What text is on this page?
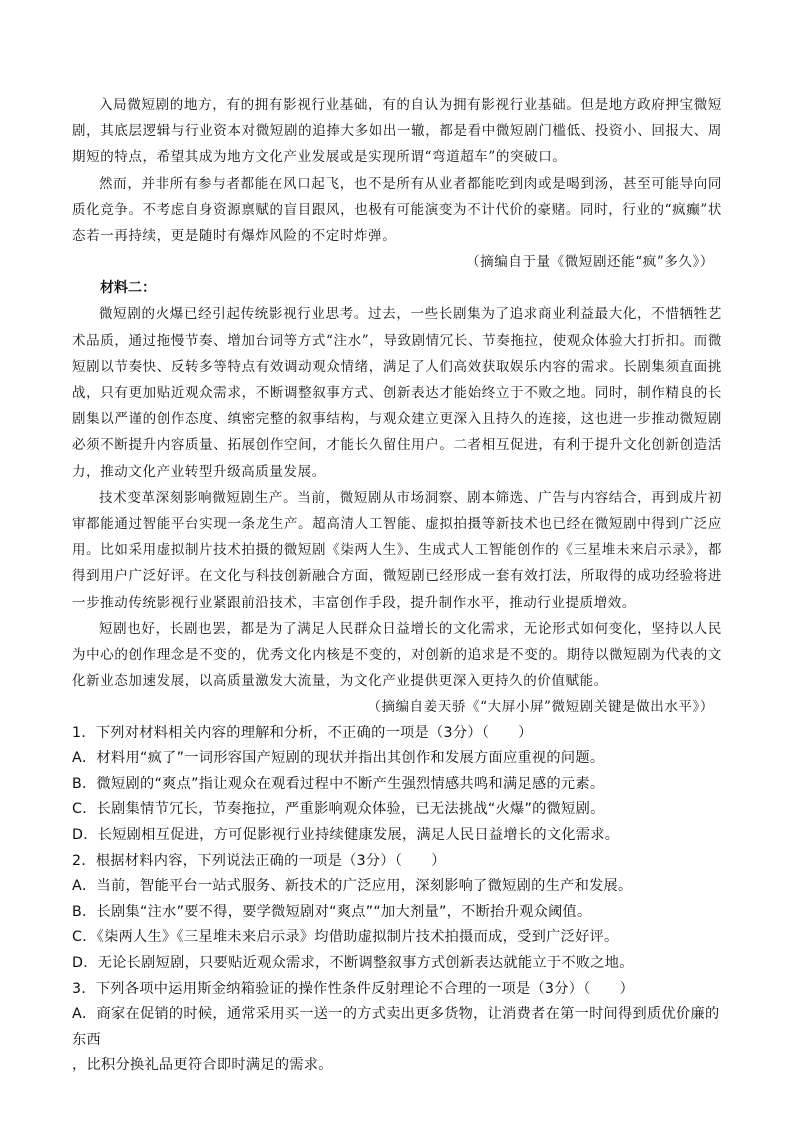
入局微短剧的地方，有的拥有影视行业基础，有的自认为拥有影视行业基础。但是地方政府押宝微短剧，其底层逻辑与行业资本对微短剧的追捧大多如出一辙，都是看中微短剧门槛低、投资小、回报大、周期短的特点，希望其成为地方文化产业发展或是实现所谓“弯道超车”的突破口。

然而，并非所有参与者都能在风口起飞，也不是所有从业者都能吃到肉或是喝到汤，甚至可能导向同质化竞争。不考虑自身资源禀赋的盲目跟风，也极有可能演变为不计代价的豪赌。同时，行业的“疯癫”状态若一再持续，更是随时有爆炸风险的不定时炸弹。

（摘编自于量《微短剧还能“疯”多久》）
材料二：

微短剧的火爆已经引起传统影视行业思考。过去，一些长剧集为了追求商业利益最大化，不惜牺牲艺术品质，通过拖慢节奏、增加台词等方式“注水”，导致剧情冗长、节奏拖拉，使观众体验大打折扣。而微短剧以节奏快、反转多等特点有效调动观众情绪，满足了人们高效获取娱乐内容的需求。长剧集须直面挑战，只有更加贴近观众需求，不断调整叙事方式、创新表达才能始终立于不败之地。同时，制作精良的长剧集以严谨的创作态度、缜密完整的叙事结构，与观众建立更深入且持久的连接，这也进一步推动微短剧必须不断提升内容质量、拓展创作空间，才能长久留住用户。二者相互促进，有利于提升文化创新创造活力，推动文化产业转型升级高质量发展。

技术变革深刻影响微短剧生产。当前，微短剧从市场洞察、剧本筛选、广告与内容结合，再到成片初审都能通过智能平台实现一条龙生产。超高清人工智能、虚拟拍摄等新技术也已经在微短剧中得到广泛应用。比如采用虚拟制片技术拍摄的微短剧《柒两人生》、生成式人工智能创作的《三星堆未来启示录》，都得到用户广泛好评。在文化与科技创新融合方面，微短剧已经形成一套有效打法，所取得的成功经验将进一步推动传统影视行业紧跟前沿技术，丰富创作手段，提升制作水平，推动行业提质增效。

短剧也好，长剧也罢，都是为了满足人民群众日益增长的文化需求，无论形式如何变化，坚持以人民为中心的创作理念是不变的，优秀文化内核是不变的，对创新的追求是不变的。期待以微短剧为代表的文化新业态加速发展，以高质量激发大流量，为文化产业提供更深入更持久的价值赋能。

（摘编自姜天骄《“大屏小屏”微短剧关键是做出水平》）
1．下列对材料相关内容的理解和分析，不正确的一项是（3分）（　　）
A．材料用“疯了”一词形容国产短剧的现状并指出其创作和发展方面应重视的问题。
B．微短剧的“爽点”指让观众在观看过程中不断产生强烈情感共鸣和满足感的元素。
C．长剧集情节冗长，节奏拖拉，严重影响观众体验，已无法挑战“火爆”的微短剧。
D．长短剧相互促进，方可促影视行业持续健康发展，满足人民日益增长的文化需求。
2．根据材料内容，下列说法正确的一项是（3分）（　　）
A．当前，智能平台一站式服务、新技术的广泛应用，深刻影响了微短剧的生产和发展。
B．长剧集“注水”要不得，要学微短剧对“爽点”“加大剂量”，不断抬升观众阈值。
C．《柒两人生》《三星堆未来启示录》均借助虚拟制片技术拍摄而成，受到广泛好评。
D．无论长剧短剧，只要贴近观众需求，不断调整叙事方式创新表达就能立于不败之地。
3．下列各项中运用斯金纳箱验证的操作性条件反射理论不合理的一项是（3分）（　　）
A．商家在促销的时候，通常采用买一送一的方式卖出更多货物，让消费者在第一时间得到质优价廉的东西
，比积分换礼品更符合即时满足的需求。
